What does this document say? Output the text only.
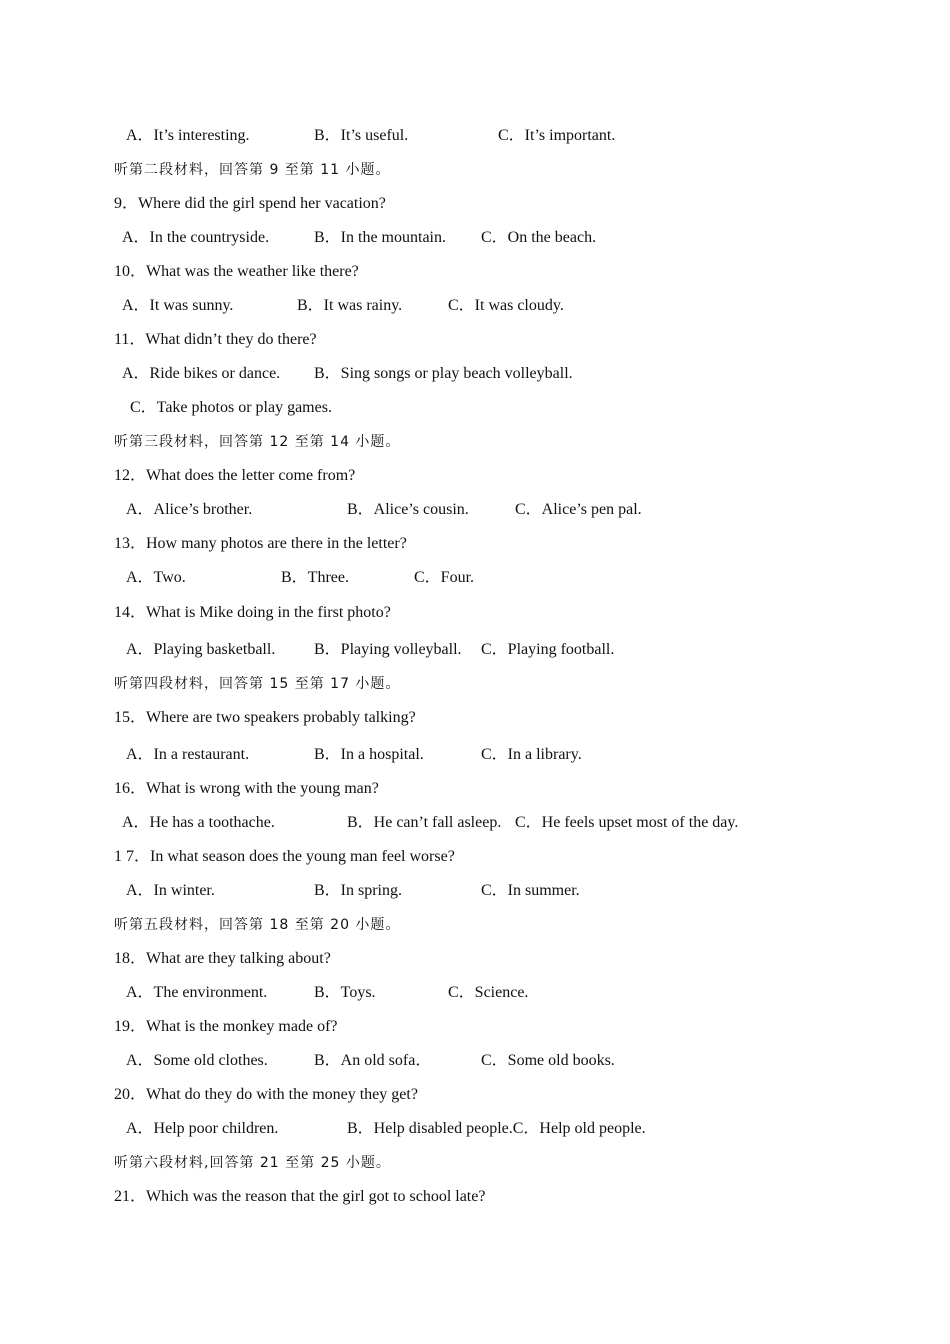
A．It’s interesting.	B．It’s useful.	C．It’s important.
听第二段材料，回答第 9 至第 11 小题。
9．Where did the girl spend her vacation?
A．In the countryside.	B．In the mountain. C．On the beach.
10．What was the weather like there?
A．It was sunny.	B．It was rainy.	C．It was cloudy.
11．What didn’t they do there?
A．Ride bikes or dance. B．Sing songs or play beach volleyball.
C．Take photos or play games.
听第三段材料，回答第 12 至第 14 小题。
12．What does the letter come from?
A．Alice’s brother.	B．Alice’s cousin.	C．Alice’s pen pal.
13．How many photos are there in the letter?
A．Two.	B．Three.	C．Four.
14．What is Mike doing in the first photo?
A．Playing basketball. B．Playing volleyball. C．Playing football.
听第四段材料，回答第 15 至第 17 小题。
15．Where are two speakers probably talking?
A．In a restaurant.	B．In a hospital.	C．In a library.
16．What is wrong with the young man?
A．He has a toothache.	B．He can’t fall asleep. C．He feels upset most of the day.
1 7．In what season does the young man feel worse?
A．In winter.	B．In spring.	C．In summer.
听第五段材料，回答第 18 至第 20 小题。
18．What are they talking about?
A．The environment.	B．Toys.	C．Science.
19．What is the monkey made of?
A．Some old clothes.	B．An old sofa．	C．Some old books.
20．What do they do with the money they get?
A．Help poor children.	B．Help disabled people.C．Help old people.
听第六段材料,回答第 21 至第 25 小题。
21．Which was the reason that the girl got to school late?
